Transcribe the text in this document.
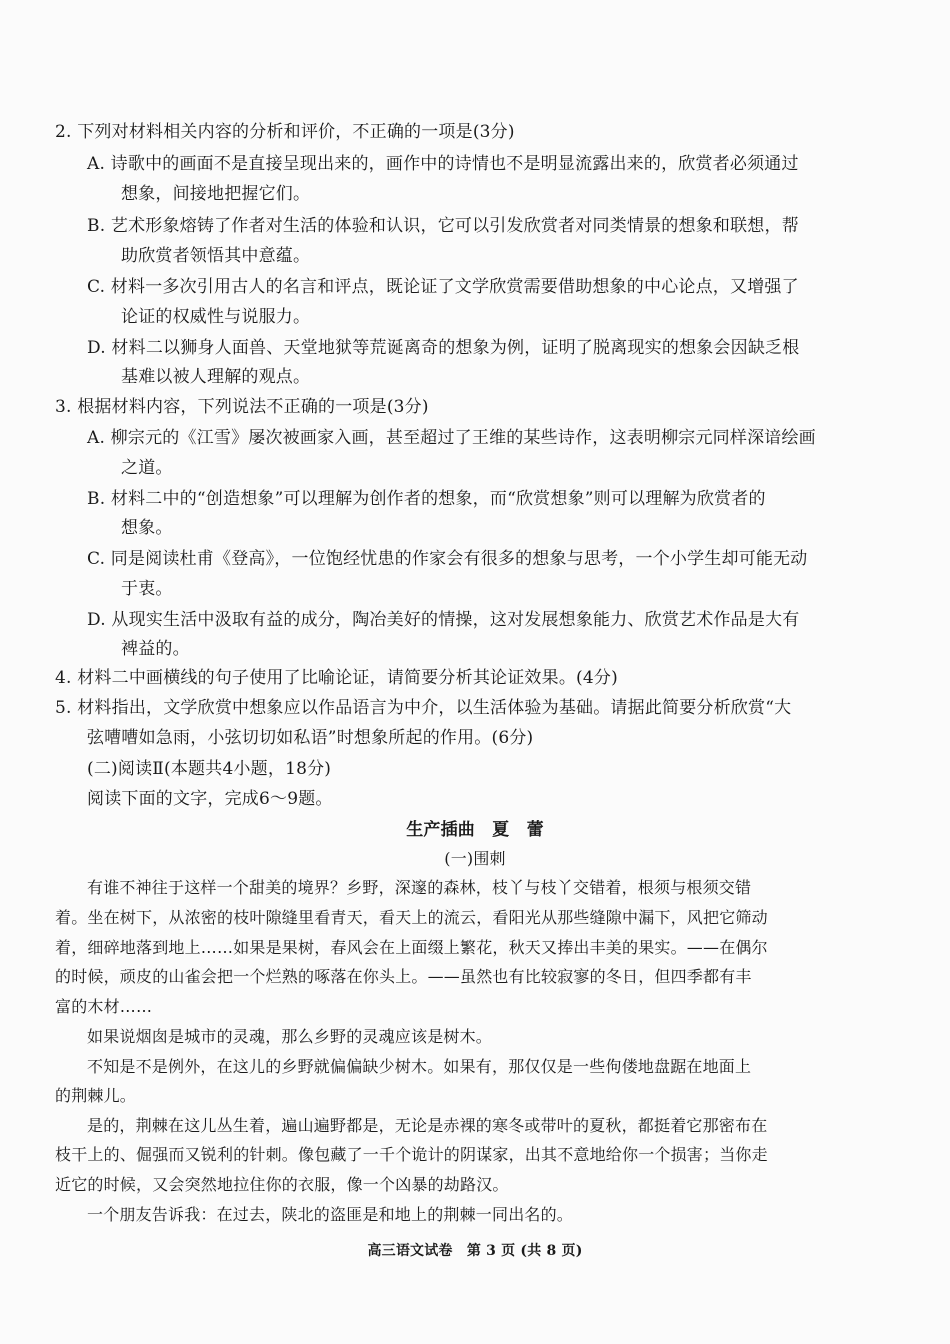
2. 下列对材料相关内容的分析和评价，不正确的一项是(3分)
A. 诗歌中的画面不是直接呈现出来的，画作中的诗情也不是明显流露出来的，欣赏者必须通过
想象，间接地把握它们。
B. 艺术形象熔铸了作者对生活的体验和认识，它可以引发欣赏者对同类情景的想象和联想，帮
助欣赏者领悟其中意蕴。
C. 材料一多次引用古人的名言和评点，既论证了文学欣赏需要借助想象的中心论点，又增强了
论证的权威性与说服力。
D. 材料二以狮身人面兽、天堂地狱等荒诞离奇的想象为例，证明了脱离现实的想象会因缺乏根
基难以被人理解的观点。
3. 根据材料内容，下列说法不正确的一项是(3分)
A. 柳宗元的《江雪》屡次被画家入画，甚至超过了王维的某些诗作，这表明柳宗元同样深谙绘画
之道。
B. 材料二中的“创造想象”可以理解为创作者的想象，而“欣赏想象”则可以理解为欣赏者的
想象。
C. 同是阅读杜甫《登高》，一位饱经忧患的作家会有很多的想象与思考，一个小学生却可能无动
于衷。
D. 从现实生活中汲取有益的成分，陶冶美好的情操，这对发展想象能力、欣赏艺术作品是大有
裨益的。
4. 材料二中画横线的句子使用了比喻论证，请简要分析其论证效果。(4分)
5. 材料指出，文学欣赏中想象应以作品语言为中介，以生活体验为基础。请据此简要分析欣赏“大
弦嘈嘈如急雨，小弦切切如私语”时想象所起的作用。(6分)
(二)阅读Ⅱ(本题共4小题，18分)
阅读下面的文字，完成6～9题。
生产插曲　夏　蕾
(一)围刺
有谁不神往于这样一个甜美的境界？乡野，深邃的森林，枝丫与枝丫交错着，根须与根须交错
着。坐在树下，从浓密的枝叶隙缝里看青天，看天上的流云，看阳光从那些缝隙中漏下，风把它筛动
着，细碎地落到地上……如果是果树，春风会在上面缀上繁花，秋天又捧出丰美的果实。——在偶尔
的时候，顽皮的山雀会把一个烂熟的啄落在你头上。——虽然也有比较寂寥的冬日，但四季都有丰
富的木材……
如果说烟囱是城市的灵魂，那么乡野的灵魂应该是树木。
不知是不是例外，在这儿的乡野就偏偏缺少树木。如果有，那仅仅是一些佝偻地盘踞在地面上
的荆棘儿。
是的，荆棘在这儿丛生着，遍山遍野都是，无论是赤裸的寒冬或带叶的夏秋，都挺着它那密布在
枝干上的、倔强而又锐利的针刺。像包藏了一千个诡计的阴谋家，出其不意地给你一个损害；当你走
近它的时候，又会突然地拉住你的衣服，像一个凶暴的劫路汉。
一个朋友告诉我：在过去，陕北的盗匪是和地上的荆棘一同出名的。
高三语文试卷　第 3 页 (共 8 页)
